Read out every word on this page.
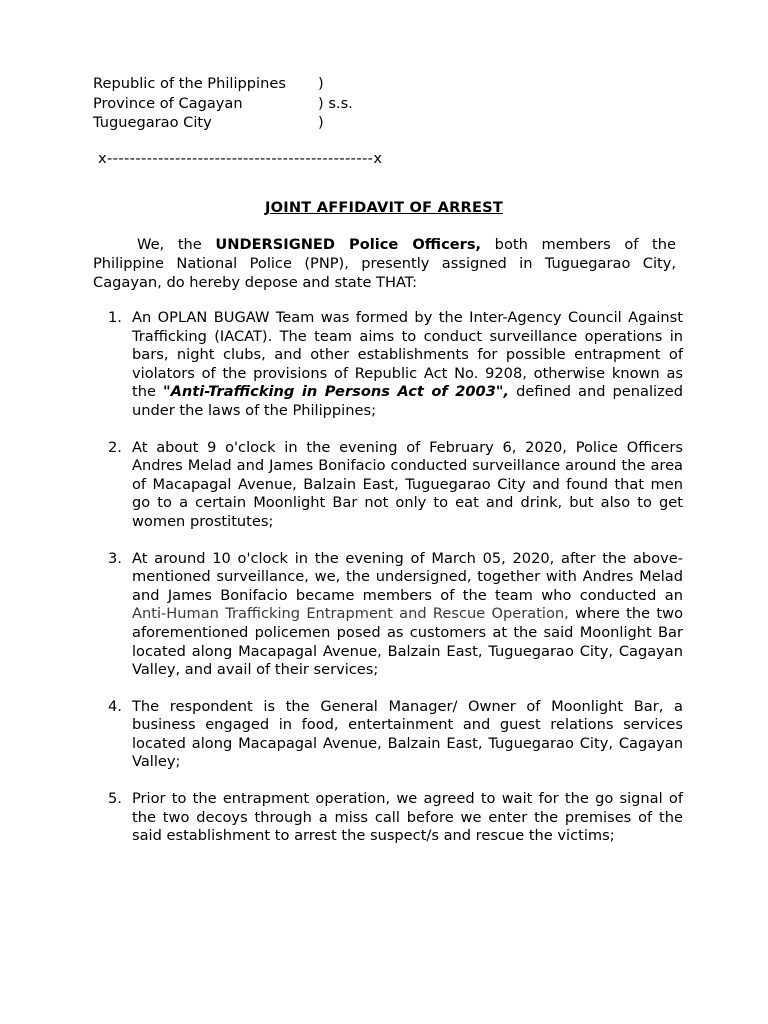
Republic of the Philippines	)
Province of Cagayan	) s.s.
Tuguegarao City	)
x-----------------------------------------------x
JOINT AFFIDAVIT OF ARREST

We, the UNDERSIGNED Police Officers, both members of the Philippine National Police (PNP), presently assigned in Tuguegarao City, Cagayan, do hereby depose and state THAT:

1. An OPLAN BUGAW Team was formed by the Inter-Agency Council Against Trafficking (IACAT). The team aims to conduct surveillance operations in bars, night clubs, and other establishments for possible entrapment of violators of the provisions of Republic Act No. 9208, otherwise known as the "Anti-Trafficking in Persons Act of 2003", defined and penalized under the laws of the Philippines;
2. At about 9 o'clock in the evening of February 6, 2020, Police Officers Andres Melad and James Bonifacio conducted surveillance around the area of Macapagal Avenue, Balzain East, Tuguegarao City and found that men go to a certain Moonlight Bar not only to eat and drink, but also to get women prostitutes;
3. At around 10 o'clock in the evening of March 05, 2020, after the above-mentioned surveillance, we, the undersigned, together with Andres Melad and James Bonifacio became members of the team who conducted an Anti-Human Trafficking Entrapment and Rescue Operation, where the two aforementioned policemen posed as customers at the said Moonlight Bar located along Macapagal Avenue, Balzain East, Tuguegarao City, Cagayan Valley, and avail of their services;
4. The respondent is the General Manager/ Owner of Moonlight Bar, a business engaged in food, entertainment and guest relations services located along Macapagal Avenue, Balzain East, Tuguegarao City, Cagayan Valley;
5. Prior to the entrapment operation, we agreed to wait for the go signal of the two decoys through a miss call before we enter the premises of the said establishment to arrest the suspect/s and rescue the victims;
